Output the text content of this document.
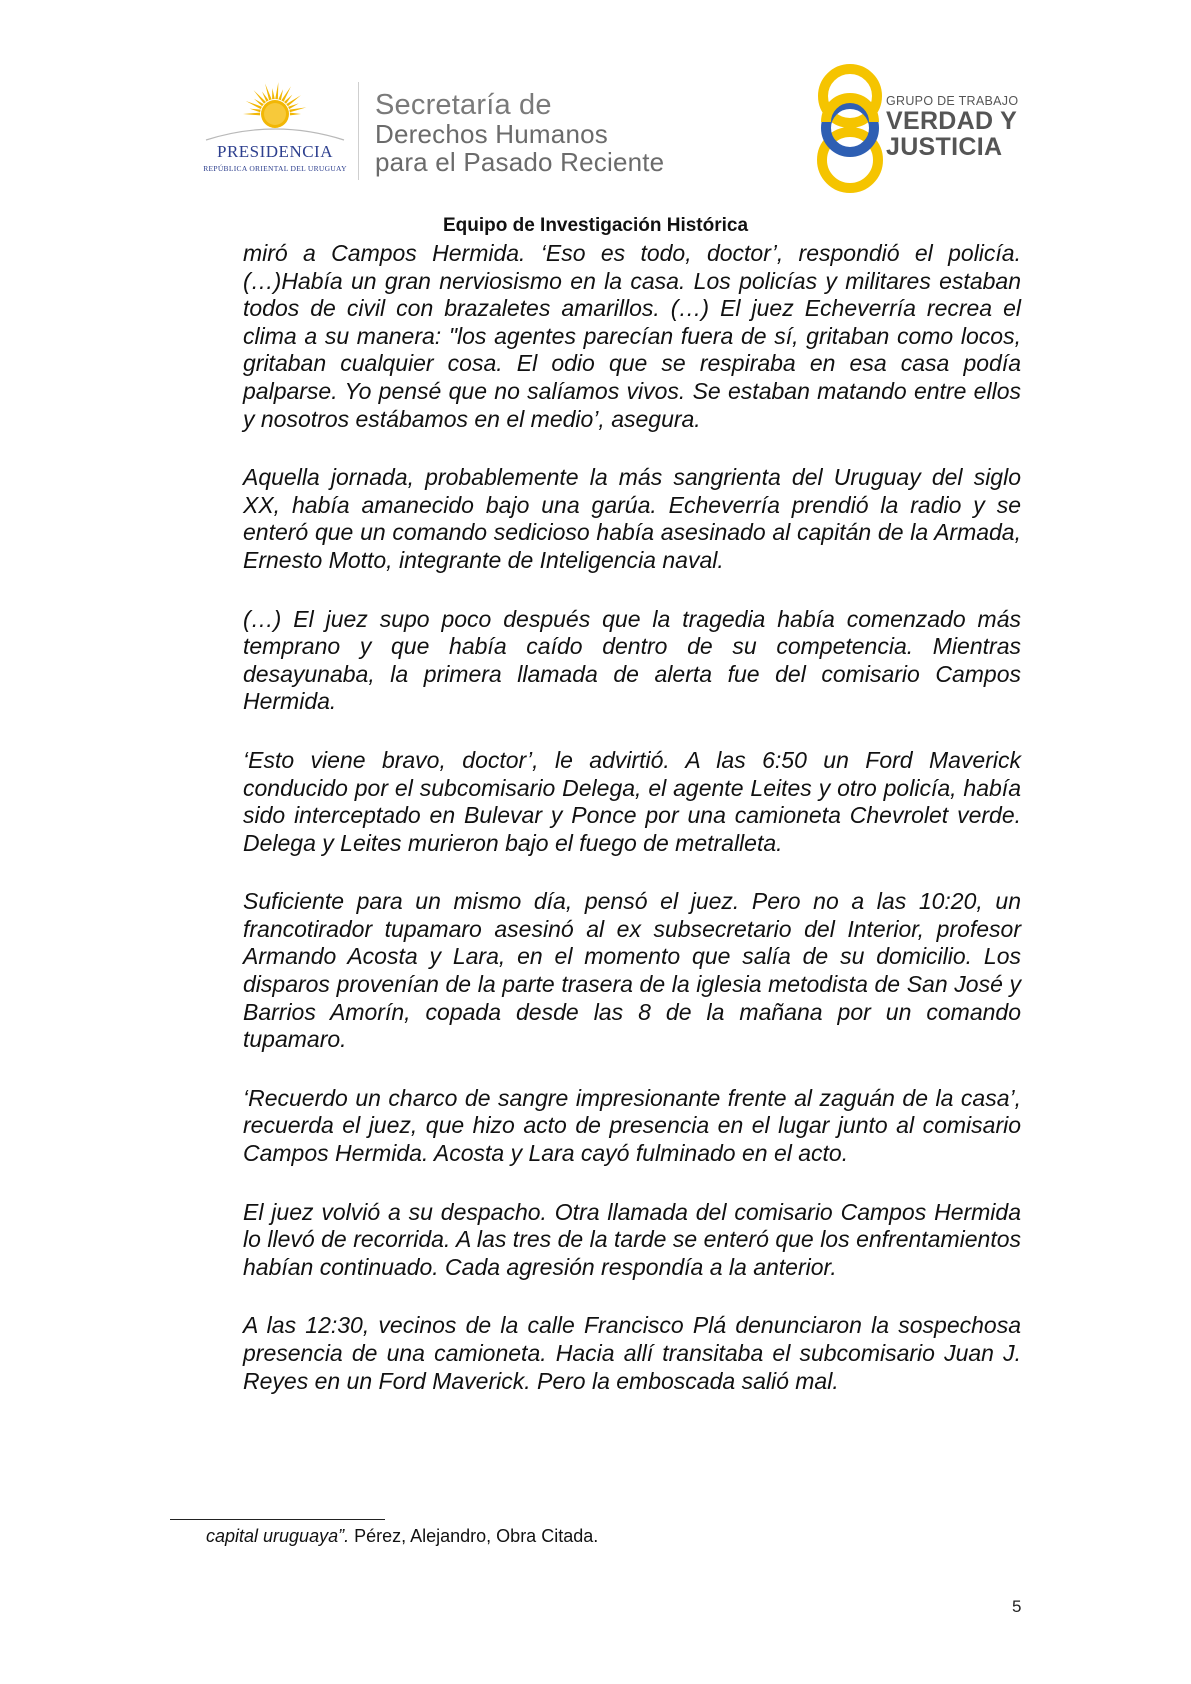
PRESIDENCIA
REPÚBLICA ORIENTAL DEL URUGUAY
Secretaría de
Derechos Humanos
para el Pasado Reciente
GRUPO DE TRABAJO
VERDAD Y
JUSTICIA
Equipo de Investigación Histórica

miró a Campos Hermida. ‘Eso es todo, doctor’, respondió el policía. (…)Había un gran nerviosismo en la casa. Los policías y militares estaban todos de civil con brazaletes amarillos. (…) El juez Echeverría recrea el clima a su manera: "los agentes parecían fuera de sí, gritaban como locos, gritaban cualquier cosa. El odio que se respiraba en esa casa podía palparse. Yo pensé que no salíamos vivos. Se estaban matando entre ellos y nosotros estábamos en el medio’, asegura.

Aquella jornada, probablemente la más sangrienta del Uruguay del siglo XX, había amanecido bajo una garúa. Echeverría prendió la radio y se enteró que un comando sedicioso había asesinado al capitán de la Armada, Ernesto Motto, integrante de Inteligencia naval.

(…) El juez supo poco después que la tragedia había comenzado más temprano y que había caído dentro de su competencia. Mientras desayunaba, la primera llamada de alerta fue del comisario Campos Hermida.

‘Esto viene bravo, doctor’, le advirtió. A las 6:50 un Ford Maverick conducido por el subcomisario Delega, el agente Leites y otro policía, había sido interceptado en Bulevar y Ponce por una camioneta Chevrolet verde. Delega y Leites murieron bajo el fuego de metralleta.

Suficiente para un mismo día, pensó el juez. Pero no a las 10:20, un francotirador tupamaro asesinó al ex subsecretario del Interior, profesor Armando Acosta y Lara, en el momento que salía de su domicilio. Los disparos provenían de la parte trasera de la iglesia metodista de San José y Barrios Amorín, copada desde las 8 de la mañana por un comando tupamaro.

‘Recuerdo un charco de sangre impresionante frente al zaguán de la casa’, recuerda el juez, que hizo acto de presencia en el lugar junto al comisario Campos Hermida. Acosta y Lara cayó fulminado en el acto.

El juez volvió a su despacho. Otra llamada del comisario Campos Hermida lo llevó de recorrida. A las tres de la tarde se enteró que los enfrentamientos habían continuado. Cada agresión respondía a la anterior.

A las 12:30, vecinos de la calle Francisco Plá denunciaron la sospechosa presencia de una camioneta. Hacia allí transitaba el subcomisario Juan J. Reyes en un Ford Maverick. Pero la emboscada salió mal.

capital uruguaya”. Pérez, Alejandro, Obra Citada.
5
